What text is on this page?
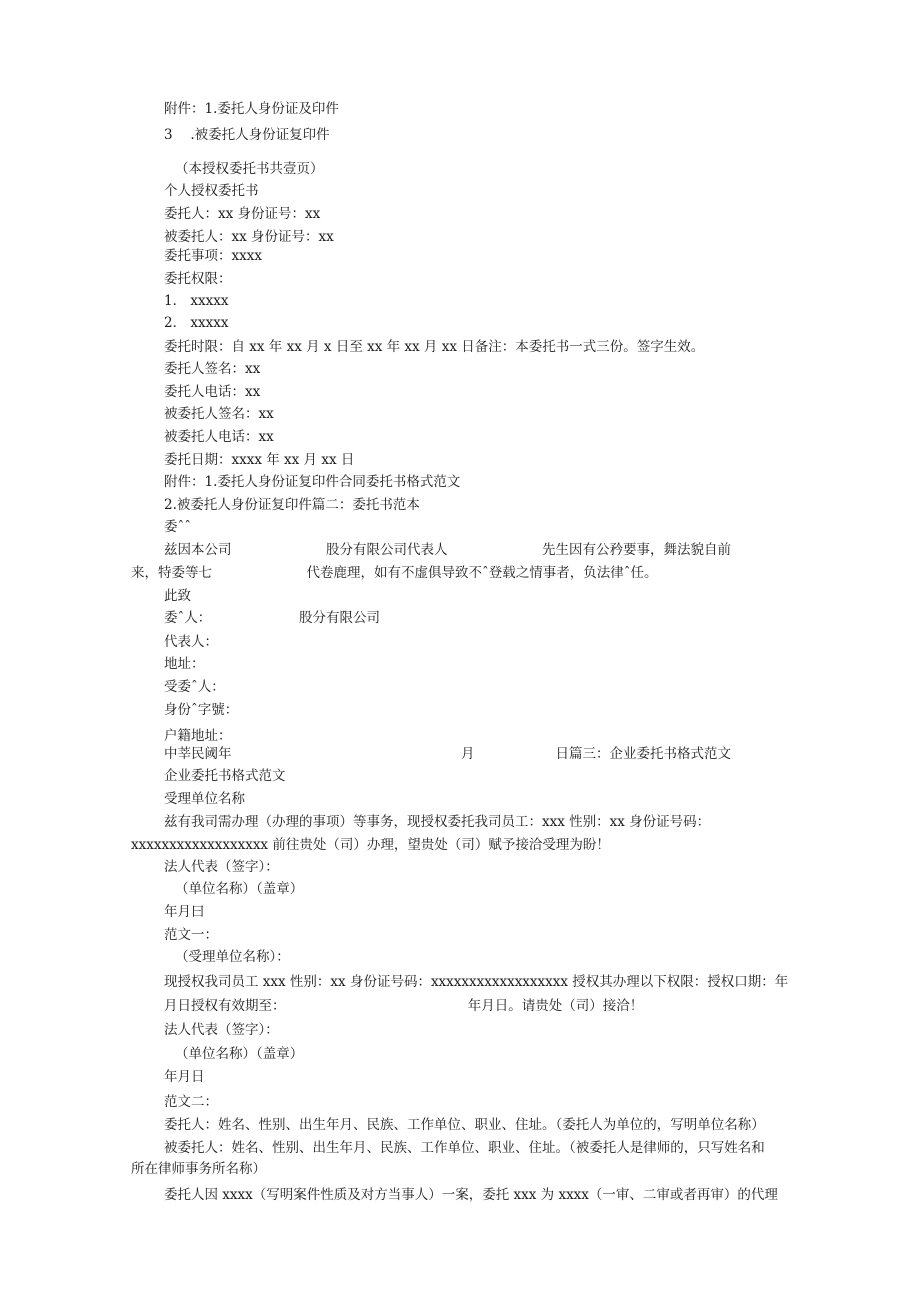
附件：1.委托人身份证及印件
3　 .被委托人身份证复印件
（本授权委托书共壹页）
个人授权委托书
委托人：xx 身份证号：xx
被委托人：xx 身份证号：xx
委托事项：xxxx
委托权限：
1． xxxxx
2． xxxxx
委托时限：自 xx 年 xx 月 x 日至 xx 年 xx 月 xx 日备注：本委托书一式三份。签字生效。
委托人签名：xx
委托人电话：xx
被委托人签名：xx
被委托人电话：xx
委托日期：xxxx 年 xx 月 xx 日
附件：1.委托人身份证复印件合同委托书格式范文
2.被委托人身份证复印件篇二：委托书范本
委ˆˆ
兹因本公司　　　　　　　股分有限公司代表人　　　　　　　先生因有公矜要事，舞法貌自前
来，特委等七　　　　　　　代卷鹿理，如有不虚俱导致不ˆ登载之情事者，负法律ˆ任。
此致
委ˆ人：　　　　　　　股分有限公司
代表人：
地址：
受委ˆ人：
身份ˆ字號：
户籍地址：
中莘民阈年　　　　　　　　　　　　　　　　　月　　　　　　日篇三：企业委托书格式范文
企业委托书格式范文
受理单位名称
兹有我司需办理（办理的事项）等事务，现授权委托我司员工：xxx 性别：xx 身份证号码：
xxxxxxxxxxxxxxxxxx 前往贵处（司）办理，望贵处（司）赋予接洽受理为盼！
法人代表（签字）：
（单位名称）（盖章）
年月曰
范文一：
（受理单位名称）：
现授权我司员工 xxx 性别：xx 身份证号码：xxxxxxxxxxxxxxxxxx 授权其办理以下权限：授权口期：年
月日授权有效期至：　　　　　　　　　　　　　　年月日。请贵处（司）接洽！
法人代表（签字）：
（单位名称）（盖章）
年月日
范文二：
委托人：姓名、性别、出生年月、民族、工作单位、职业、住址。（委托人为单位的，写明单位名称）
被委托人：姓名、性别、出生年月、民族、工作单位、职业、住址。（被委托人是律师的，只写姓名和
所在律师事务所名称）
委托人因 xxxx（写明案件性质及对方当事人）一案，委托 xxx 为 xxxx（一审、二审或者再审）的代理
